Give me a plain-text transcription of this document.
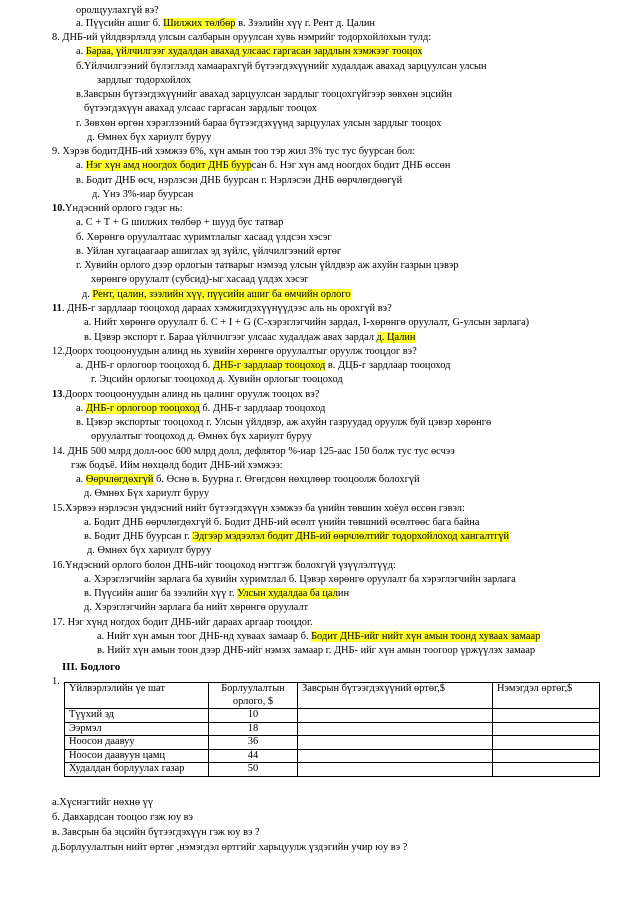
оролцуулахгүй вэ?
а. Пүүсийн ашиг б. Шилжих төлбөр в. Зээлийн хүү г. Рент д. Цалин
8. ДНБ-ий үйлдвэрлэлд улсын салбарын оруулсан хувь нэмрийг тодорхойлохын тулд:
а. Бараа, үйлчилгээг худалдан авахад улсаас гаргасан зардлын хэмжээг тооцох
б.Үйлчилгээний бүлэглэлд хамаарахгүй бүтээгдэхүүнийг худалдаж авахад зарцуулсан улсын
зардлыг тодорхойлох
в.Завсрын бүтээгдэхүүнийг авахад зарцуулсан зардлыг тооцохгүйгээр зөвхөн эцсийн
бүтээгдэхүүн авахад улсаас гаргасан зардлыг тооцох
г. Зөвхөн өргөн хэрэглээний бараа бүтээгдэхүүнд зарцуулах улсын зардлыг тооцох
д. Өмнөх бүх хариулт буруу
9. Хэрэв бодитДНБ-ий хэмжээ 6%, хүн амын тоо тэр жил 3% тус тус буурсан бол:
а. Нэг хүн амд ноогдох бодит ДНБ буурсан б. Нэг хүн амд ноогдох бодит ДНБ өссөн
в. Бодит ДНБ өсч, нэрлэсэн ДНБ буурсан г. Нэрлэсэн ДНБ өөрчлөгдөөгүй
д. Үнэ 3%-иар буурсан
10.Үндэсний орлого гэдэг нь:
а. С + Т + G шилжих төлбөр + шууд бус татвар
б. Хөрөнгө оруулалтаас хуримтлалыг хасаад үлдсэн хэсэг
в. Уйлан хугацаагаар ашиглах эд зүйлс, үйлчилгээний өртөг
г. Хувийн орлого дээр орлогын татварыг нэмээд улсын үйлдвэр аж ахуйн газрын цэвэр
хөрөнгө оруулалт (субсид)-ыг хасаад үлдэх хэсэг
д. Рент, цалин, зээлийн хүү, пүүсийн ашиг ба өмчийн орлого
11. ДНБ-г зардлаар тооцоход дараах хэмжигдэхүүнүүдээс аль нь орохгүй вэ?
а. Нийт хөрөнгө оруулалт б. С + I + G (С-хэрэглэгчийн зардал, I-хөрөнгө оруулалт, G-улсын зарлага)
в. Цэвэр экспорт г. Бараа үйлчилгээг улсаас худалдаж авах зардал д. Цалин
12.Доорх тооцоонуудын алинд нь хувийн хөрөнгө оруулалтыг оруулж тооцдог вэ?
а. ДНБ-г орлогоор тооцоход б. ДНБ-г зардлаар тооцоход в. ДЦБ-г зардлаар тооцоход
г. Эцсийн орлогыг тооцоход д. Хувийн орлогыг тооцоход
13.Доорх тооцоонуудын алинд нь цалинг оруулж тооцох вэ?
а. ДНБ-г орлогоор тооцоход б. ДНБ-г зардлаар тооцоход
в. Цэвэр экспортыг тооцоход г. Улсын үйлдвэр, аж ахуйн газруудад оруулж буй цэвэр хөрөнгө
оруулалтыг тооцоход д. Өмнөх бүх хариулт буруу
14. ДНБ 500 млрд долл-оос 600 млрд долл, дефлятор %-иар 125-аас 150 болж тус тус өсчээ
гэж бодъё. Ийм нөхцөлд бодит ДНБ-ий хэмжээ:
а. Өөрчлөгдөхгүй б. Өснө в. Буурна г. Өгөгдсөн нөхцлөөр тооцоолж болохгүй
д. Өмнөх Бүх хариулт буруу
15.Хэрвээ нэрлэсэн үндэсний нийт бүтээгдэхүүн хэмжээ ба үнийн төвшин хоёул өссөн гэвэл:
а. Бодит ДНБ өөрчлөгдөхгүй б. Бодит ДНБ-ий өсөлт үнийн төвшний өсөлтөөс бага байна
в. Бодит ДНБ буурсан г. Эдгээр мэдээлэл бодит ДНБ-ий өөрчлөлтийг тодорхойлоход хангалтгүй
д. Өмнөх бүх хариулт буруу
16.Үндэсний орлого болон ДНБ-ийг тооцоход нэгтгэж болохгүй үзүүлэлтүүд:
а. Хэрэглэгчийн зарлага ба хувийн хуримтлал б. Цэвэр хөрөнгө оруулалт ба хэрэглэгчийн зарлага
в. Пүүсийн ашиг ба зээлийн хүү г. Улсын худалдаа ба цалин
д. Хэрэглэгчийн зарлага ба нийт хөрөнгө оруулалт
17. Нэг хүнд ногдох бодит ДНБ-ийг дараах аргаар тооцдог.
а. Нийт хүн амын тоог ДНБ-нд хуваах замаар б. Бодит ДНБ-ийг нийт хүн амын тоонд хуваах замаар
в. Нийт хүн амын тоон дээр ДНБ-ийг нэмэх замаар г. ДНБ- ийг хүн амын тоогоор үржүүлэх замаар
III. Бодлого
1.
Үйлвэрлэлийн үе шат	Борлуулалтын орлого, $	Завсрын бүтээгдэхүүний өртөг,$	Нэмэгдэл өртөг,$
Түүхий эд	10		
Ээрмэл	18		
Ноосон даавуу	36		
Ноосон даавуун цамц	44		
Худалдан борлуулах газар	50		
а.Хүснэгтийг нөхнө үү
б. Давхардсан тооцоо гэж юу вэ
в. Завсрын ба эцсийн бүтээгдэхүүн гэж юу вэ ?
д.Борлуулалтын нийт өртөг ,нэмэгдэл өртгийг харьцуулж үздэгийн учир юу вэ ?
